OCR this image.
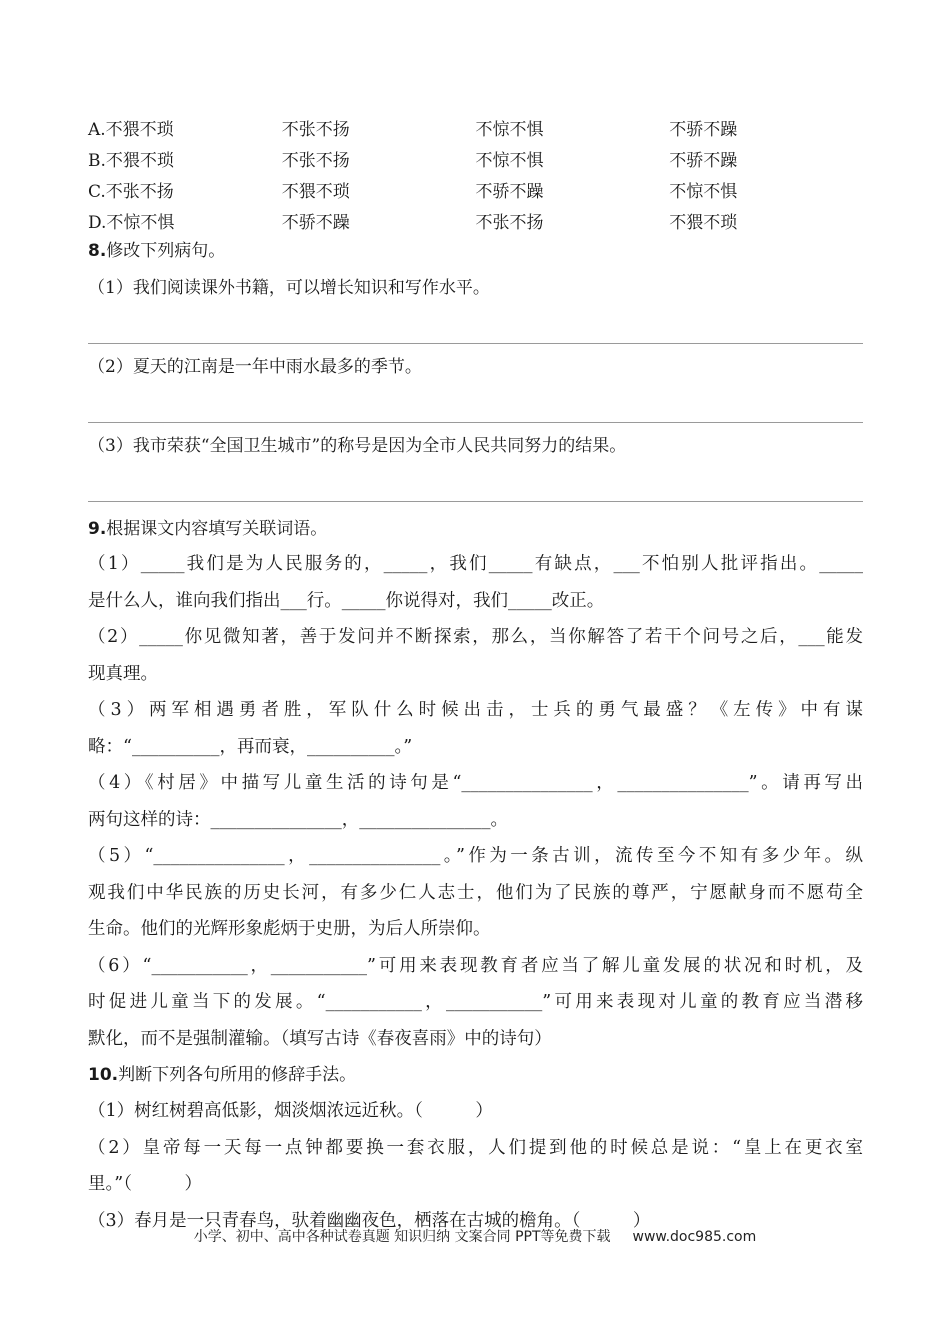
A.不猥不琐	不张不扬	不惊不惧	不骄不躁
B.不猥不琐	不张不扬	不惊不惧	不骄不躁
C.不张不扬	不猥不琐	不骄不躁	不惊不惧
D.不惊不惧	不骄不躁	不张不扬	不猥不琐
8.修改下列病句。
（1）我们阅读课外书籍，可以增长知识和写作水平。
（2）夏天的江南是一年中雨水最多的季节。
（3）我市荣获“全国卫生城市”的称号是因为全市人民共同努力的结果。
9.根据课文内容填写关联词语。
（1）_____我们是为人民服务的，_____，我们_____有缺点，___不怕别人批评指出。_____
是什么人，谁向我们指出___行。_____你说得对，我们_____改正。
（2）_____你见微知著，善于发问并不断探索，那么，当你解答了若干个问号之后，___能发
现真理。
（3）两军相遇勇者胜，军队什么时候出击，士兵的勇气最盛？《左传》中有谋
略：“__________，再而衰，__________。”
（4）《村居》中描写儿童生活的诗句是“_______________，_______________”。请再写出
两句这样的诗：_______________，_______________。
（5）“_______________，_______________。”作为一条古训，流传至今不知有多少年。纵
观我们中华民族的历史长河，有多少仁人志士，他们为了民族的尊严，宁愿献身而不愿苟全
生命。他们的光辉形象彪炳于史册，为后人所崇仰。
（6）“___________，___________”可用来表现教育者应当了解儿童发展的状况和时机，及
时促进儿童当下的发展。“___________，___________”可用来表现对儿童的教育应当潜移
默化，而不是强制灌输。（填写古诗《春夜喜雨》中的诗句）
10.判断下列各句所用的修辞手法。
（1）树红树碧高低影，烟淡烟浓远近秋。（　　　）
（2）皇帝每一天每一点钟都要换一套衣服，人们提到他的时候总是说：“皇上在更衣室
里。”（　　　）
（3）春月是一只青春鸟，驮着幽幽夜色，栖落在古城的檐角。（　　　）
小学、初中、高中各种试卷真题 知识归纳 文案合同 PPT等免费下载 www.doc985.com
